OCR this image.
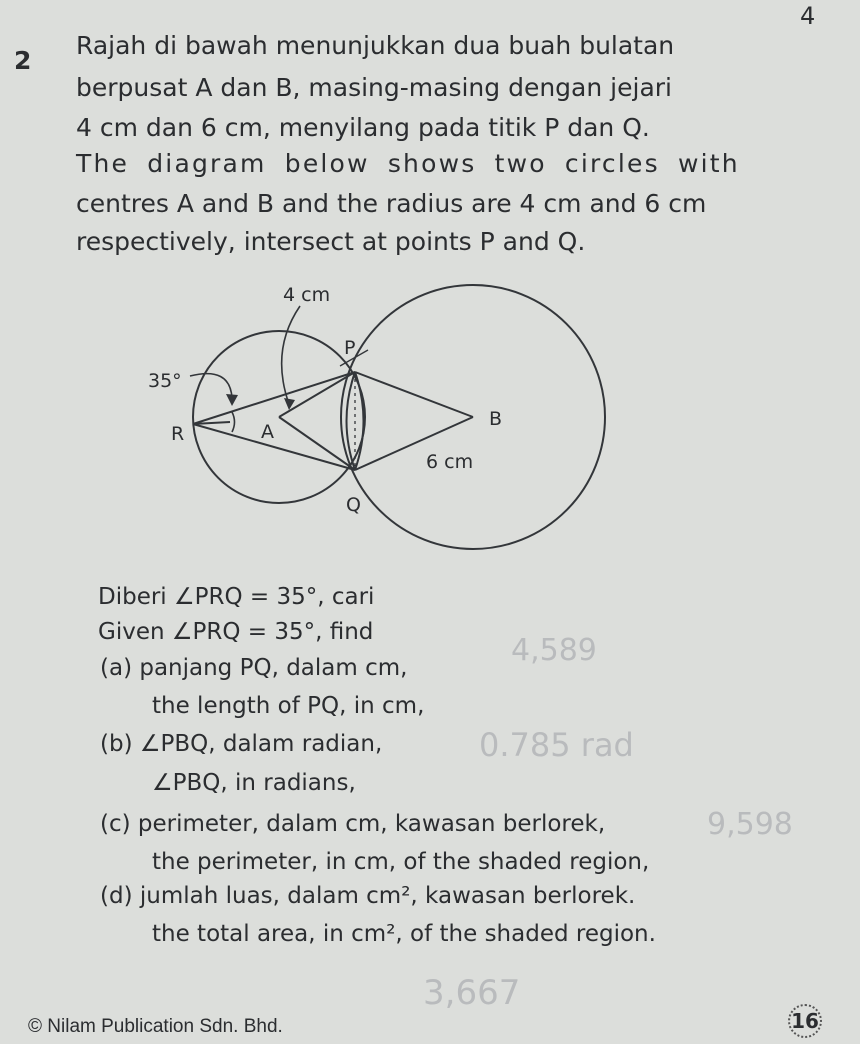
4
2
Rajah di bawah menunjukkan dua buah bulatan
berpusat A dan B, masing-masing dengan jejari
4 cm dan 6 cm, menyilang pada titik P dan Q.
The diagram below shows two circles with
centres A and B and the radius are 4 cm and 6 cm
respectively, intersect at points P and Q.
4 cm
35°
P
R	A
B
6 cm
Q
Diberi ∠PRQ = 35°, cari
Given ∠PRQ = 35°, find
(a) panjang PQ, dalam cm,
the length of PQ, in cm,
(b) ∠PBQ, dalam radian,
∠PBQ, in radians,
(c) perimeter, dalam cm, kawasan berlorek,
the perimeter, in cm, of the shaded region,
(d) jumlah luas, dalam cm², kawasan berlorek.
the total area, in cm², of the shaded region.
4,589
0.785 rad
9,598
3,667
© Nilam Publication Sdn. Bhd.	16
